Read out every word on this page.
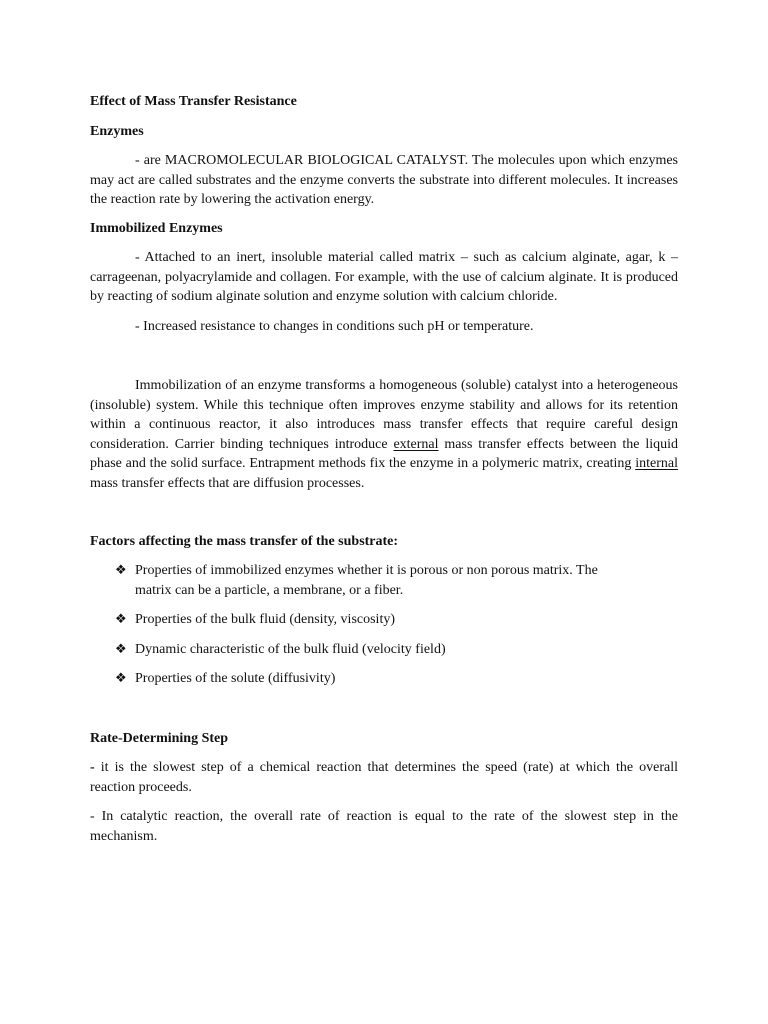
Effect of Mass Transfer Resistance

Enzymes

- are MACROMOLECULAR BIOLOGICAL CATALYST. The molecules upon which enzymes may act are called substrates and the enzyme converts the substrate into different molecules. It increases the reaction rate by lowering the activation energy.

Immobilized Enzymes

- Attached to an inert, insoluble material called matrix – such as calcium alginate, agar, k –carrageenan, polyacrylamide and collagen. For example, with the use of calcium alginate. It is produced by reacting of sodium alginate solution and enzyme solution with calcium chloride.

- Increased resistance to changes in conditions such pH or temperature.

Immobilization of an enzyme transforms a homogeneous (soluble) catalyst into a heterogeneous (insoluble) system. While this technique often improves enzyme stability and allows for its retention within a continuous reactor, it also introduces mass transfer effects that require careful design consideration. Carrier binding techniques introduce external mass transfer effects between the liquid phase and the solid surface. Entrapment methods fix the enzyme in a polymeric matrix, creating internal mass transfer effects that are diffusion processes.

Factors affecting the mass transfer of the substrate:

❖ Properties of immobilized enzymes whether it is porous or non porous matrix. The matrix can be a particle, a membrane, or a fiber.
❖ Properties of the bulk fluid (density, viscosity)
❖ Dynamic characteristic of the bulk fluid (velocity field)
❖ Properties of the solute (diffusivity)

Rate-Determining Step

- it is the slowest step of a chemical reaction that determines the speed (rate) at which the overall reaction proceeds.

- In catalytic reaction, the overall rate of reaction is equal to the rate of the slowest step in the mechanism.
